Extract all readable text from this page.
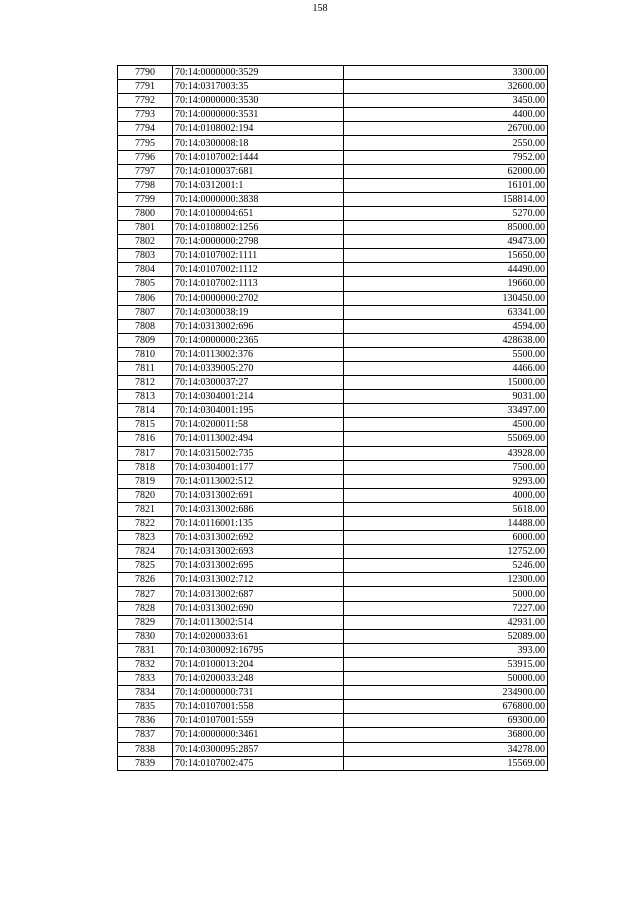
158
7790	70:14:0000000:3529	3300.00
7791	70:14:0317003:35	32600.00
7792	70:14:0000000:3530	3450.00
7793	70:14:0000000:3531	4400.00
7794	70:14:0108002:194	26700.00
7795	70:14:0300008:18	2550.00
7796	70:14:0107002:1444	7952.00
7797	70:14:0100037:681	62000.00
7798	70:14:0312001:1	16101.00
7799	70:14:0000000:3838	158814.00
7800	70:14:0100004:651	5270.00
7801	70:14:0108002:1256	85000.00
7802	70:14:0000000:2798	49473.00
7803	70:14:0107002:1111	15650.00
7804	70:14:0107002:1112	44490.00
7805	70:14:0107002:1113	19660.00
7806	70:14:0000000:2702	130450.00
7807	70:14:0300038:19	63341.00
7808	70:14:0313002:696	4594.00
7809	70:14:0000000:2365	428638.00
7810	70:14:0113002:376	5500.00
7811	70:14:0339005:270	4466.00
7812	70:14:0300037:27	15000.00
7813	70:14:0304001:214	9031.00
7814	70:14:0304001:195	33497.00
7815	70:14:0200011:58	4500.00
7816	70:14:0113002:494	55069.00
7817	70:14:0315002:735	43928.00
7818	70:14:0304001:177	7500.00
7819	70:14:0113002:512	9293.00
7820	70:14:0313002:691	4000.00
7821	70:14:0313002:686	5618.00
7822	70:14:0116001:135	14488.00
7823	70:14:0313002:692	6000.00
7824	70:14:0313002:693	12752.00
7825	70:14:0313002:695	5246.00
7826	70:14:0313002:712	12300.00
7827	70:14:0313002:687	5000.00
7828	70:14:0313002:690	7227.00
7829	70:14:0113002:514	42931.00
7830	70:14:0200033:61	52089.00
7831	70:14:0300092:16795	393.00
7832	70:14:0100013:204	53915.00
7833	70:14:0200033:248	50000.00
7834	70:14:0000000:731	234900.00
7835	70:14:0107001:558	676800.00
7836	70:14:0107001:559	69300.00
7837	70:14:0000000:3461	36800.00
7838	70:14:0300095:2857	34278.00
7839	70:14:0107002:475	15569.00
